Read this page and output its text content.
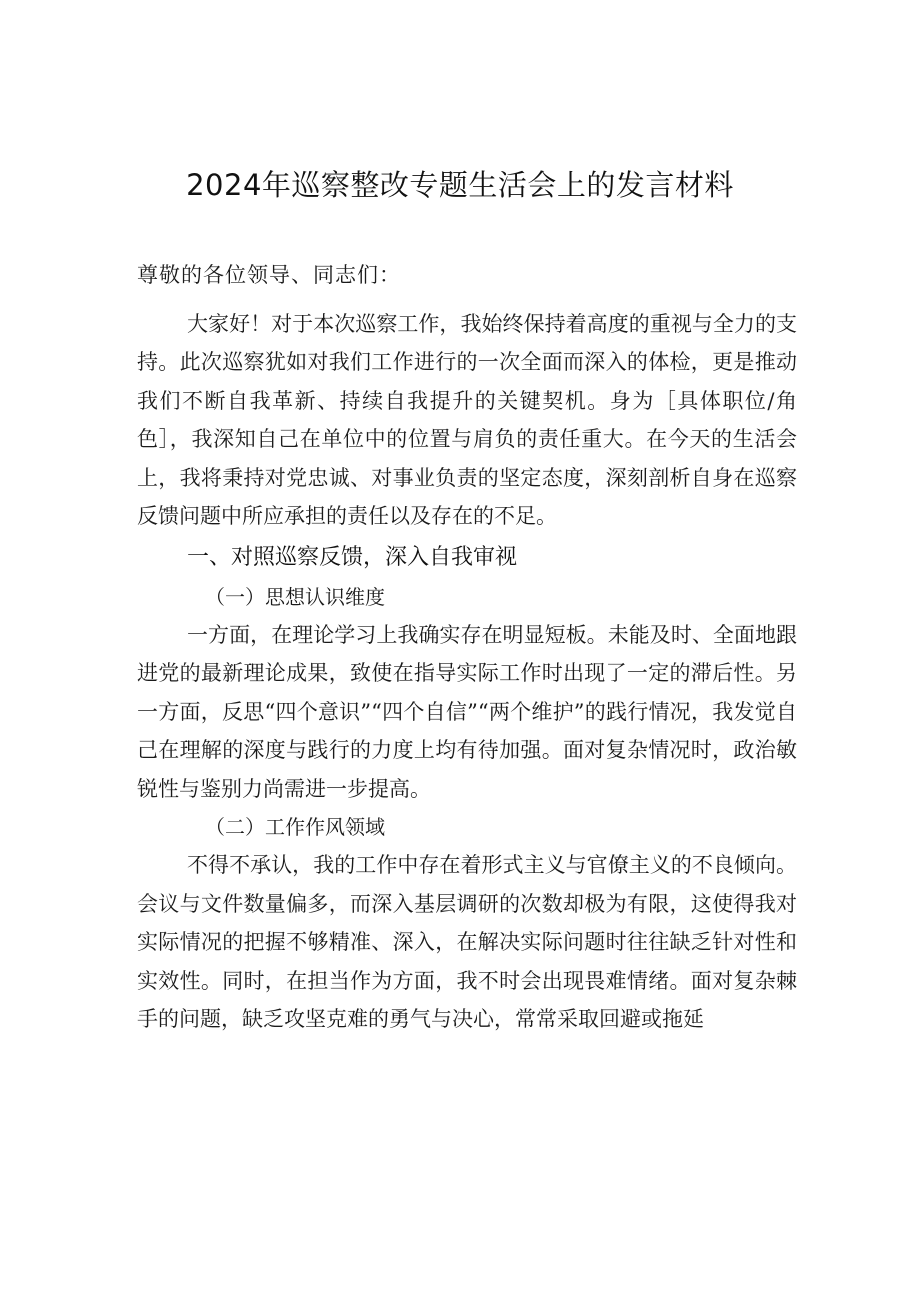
2024年巡察整改专题生活会上的发言材料

尊敬的各位领导、同志们：

大家好！对于本次巡察工作，我始终保持着高度的重视与全力的支持。此次巡察犹如对我们工作进行的一次全面而深入的体检，更是推动我们不断自我革新、持续自我提升的关键契机。身为［具体职位/角色］，我深知自己在单位中的位置与肩负的责任重大。在今天的生活会上，我将秉持对党忠诚、对事业负责的坚定态度，深刻剖析自身在巡察反馈问题中所应承担的责任以及存在的不足。

一、对照巡察反馈，深入自我审视
（一）思想认识维度

一方面，在理论学习上我确实存在明显短板。未能及时、全面地跟进党的最新理论成果，致使在指导实际工作时出现了一定的滞后性。另一方面，反思“四个意识”“四个自信”“两个维护”的践行情况，我发觉自己在理解的深度与践行的力度上均有待加强。面对复杂情况时，政治敏锐性与鉴别力尚需进一步提高。

（二）工作作风领域

不得不承认，我的工作中存在着形式主义与官僚主义的不良倾向。会议与文件数量偏多，而深入基层调研的次数却极为有限，这使得我对实际情况的把握不够精准、深入，在解决实际问题时往往缺乏针对性和实效性。同时，在担当作为方面，我不时会出现畏难情绪。面对复杂棘手的问题，缺乏攻坚克难的勇气与决心，常常采取回避或拖延
